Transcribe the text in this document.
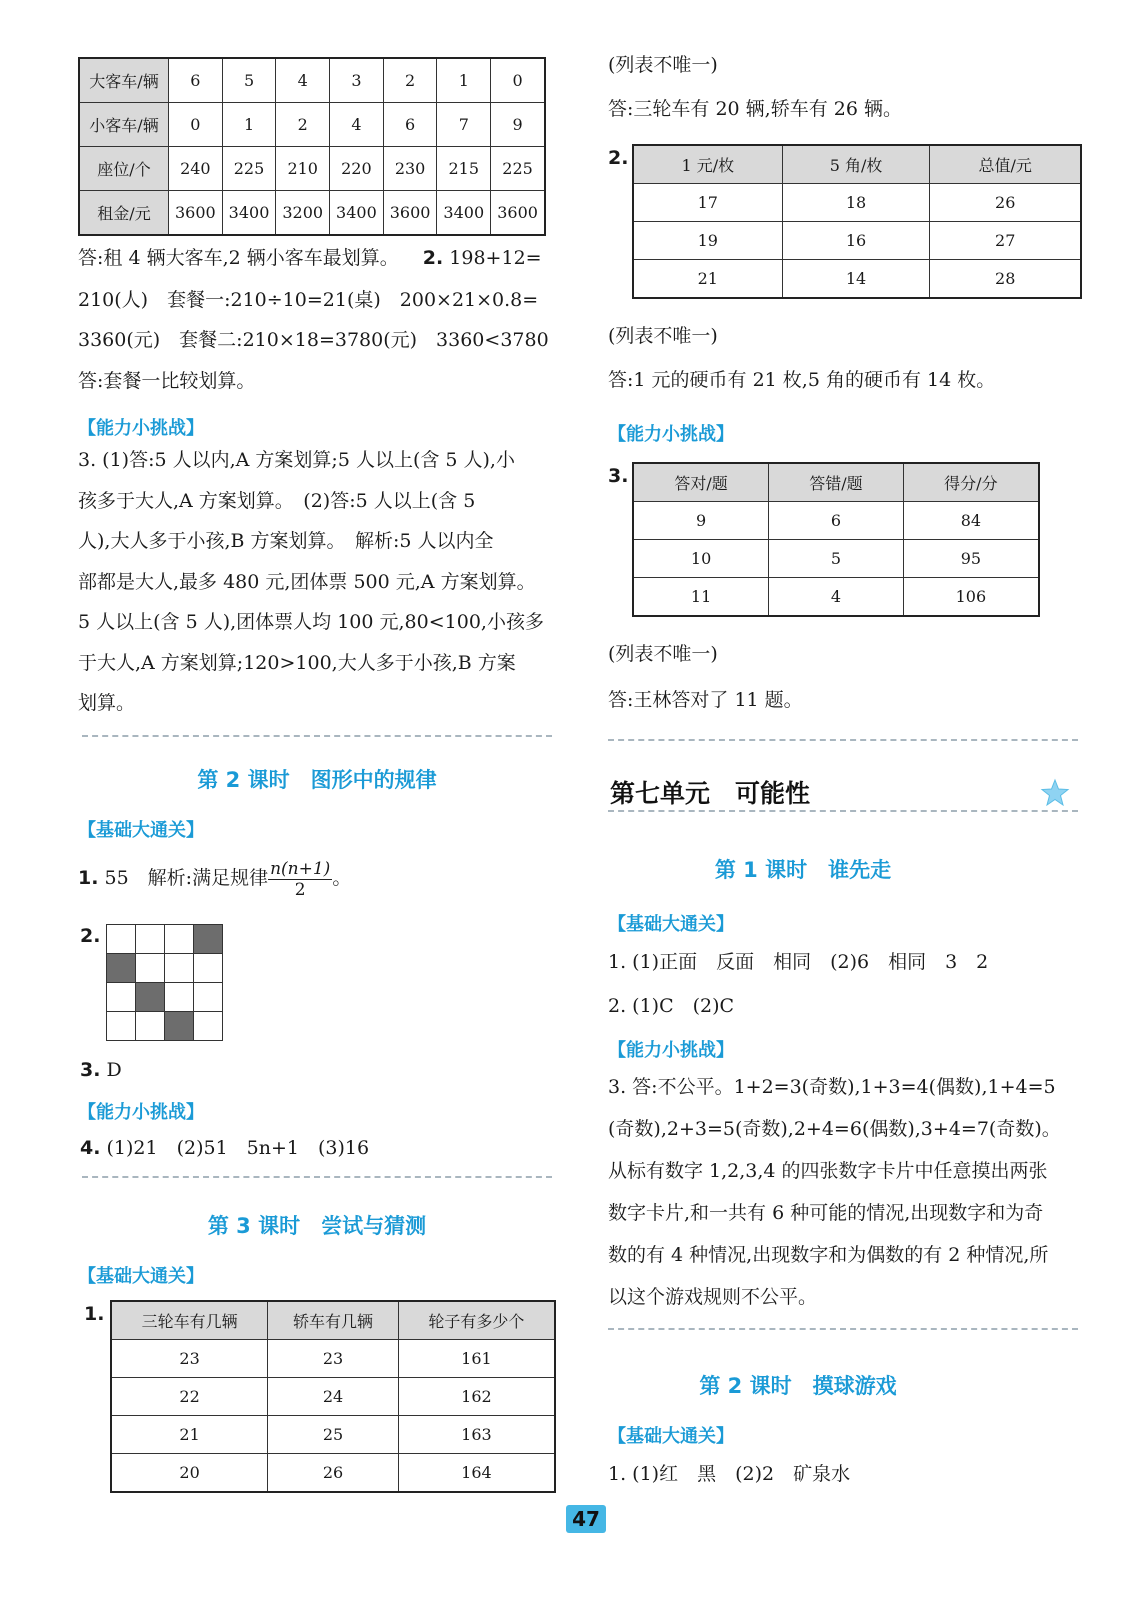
大客车/辆	6	5	4	3	2	1	0
小客车/辆	0	1	2	4	6	7	9
座位/个	240	225	210	220	230	215	225
租金/元	3600	3400	3200	3400	3600	3400	3600
答:租 4 辆大客车,2 辆小客车最划算。 2. 198+12=
210(人)　套餐一:210÷10=21(桌)　200×21×0.8=
3360(元)　套餐二:210×18=3780(元)　3360<3780
答:套餐一比较划算。
【能力小挑战】
3. (1)答:5 人以内,A 方案划算;5 人以上(含 5 人),小
孩多于大人,A 方案划算。　(2)答:5 人以上(含 5
人),大人多于小孩,B 方案划算。　解析:5 人以内全
部都是大人,最多 480 元,团体票 500 元,A 方案划算。
5 人以上(含 5 人),团体票人均 100 元,80<100,小孩多
于大人,A 方案划算;120>100,大人多于小孩,B 方案
划算。
第 2 课时　图形中的规律
【基础大通关】
1. 55　解析:满足规律 $\frac{n(n+1)}{2}$ 。
2.

3. D
【能力小挑战】
4. (1)21　(2)51　5n+1　(3)16
第 3 课时　尝试与猜测
【基础大通关】
1. 三轮车有几辆	轿车有几辆	轮子有多少个
23	23	161
22	24	162
21	25	163
20	26	164
(列表不唯一)
答:三轮车有 20 辆,轿车有 26 辆。
2.	1 元/枚	5 角/枚	总值/元
17	18	26
19	16	27
21	14	28
(列表不唯一)
答:1 元的硬币有 21 枚,5 角的硬币有 14 枚。
【能力小挑战】
3.	答对/题	答错/题	得分/分
9	6	84
10	5	95
11	4	106
(列表不唯一)
答:王林答对了 11 题。
第七单元　可能性
第 1 课时　谁先走
【基础大通关】
1. (1)正面　反面　相同　(2)6　相同　3　2
2. (1)C　(2)C
【能力小挑战】
3. 答:不公平。1+2=3(奇数),1+3=4(偶数),1+4=5
(奇数),2+3=5(奇数),2+4=6(偶数),3+4=7(奇数)。
从标有数字 1,2,3,4 的四张数字卡片中任意摸出两张
数字卡片,和一共有 6 种可能的情况,出现数字和为奇
数的有 4 种情况,出现数字和为偶数的有 2 种情况,所
以这个游戏规则不公平。
第 2 课时　摸球游戏
【基础大通关】
1. (1)红　黑　(2)2　矿泉水
47
